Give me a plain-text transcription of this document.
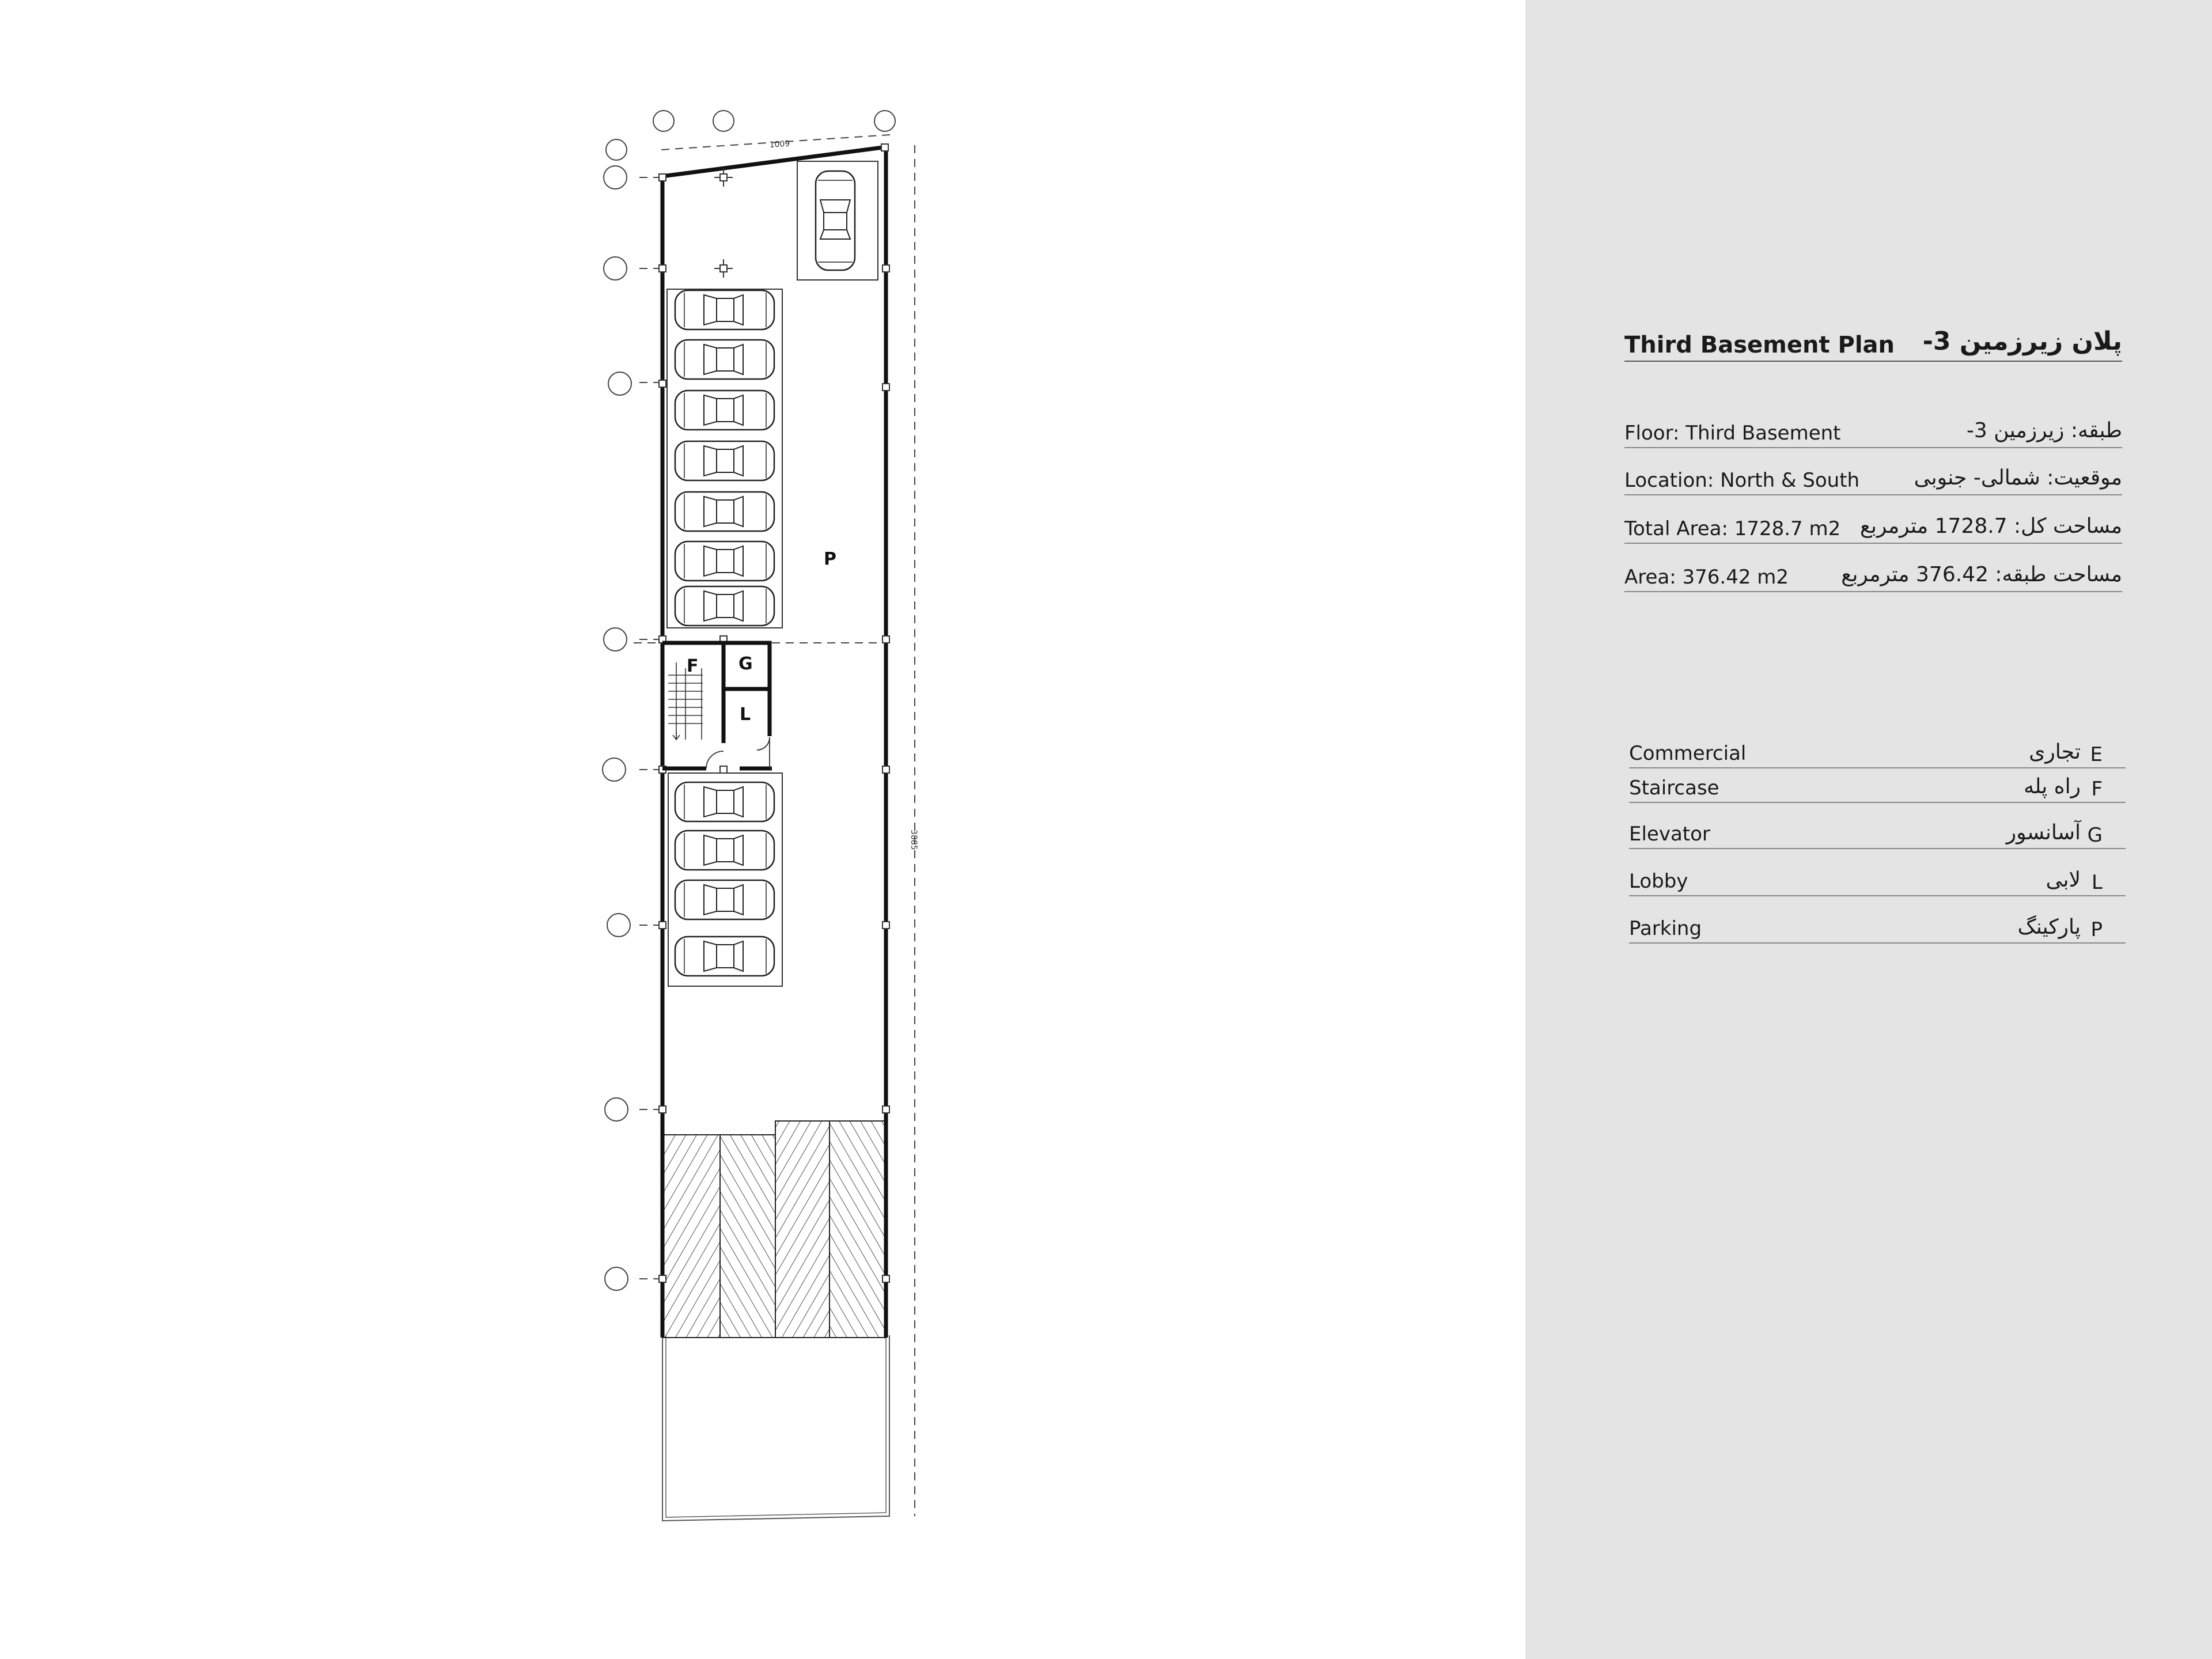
1009
3885
P
F G
L
Third Basement Plan پلان زیرزمین 3-
Floor: Third Basement	طبقه: زیرزمین 3-
Location: North & South	موقعیت: شمالی- جنوبی
Total Area: 1728.7 m2 مساحت کل: 1728.7 مترمربع
Area: 376.42 m2	مساحت طبقه: 376.42 مترمربع
Commercial	تجاری E
Staircase	راه پله F
Elevator	آسانسور G
Lobby	لابی L
Parking	پارکینگ P
